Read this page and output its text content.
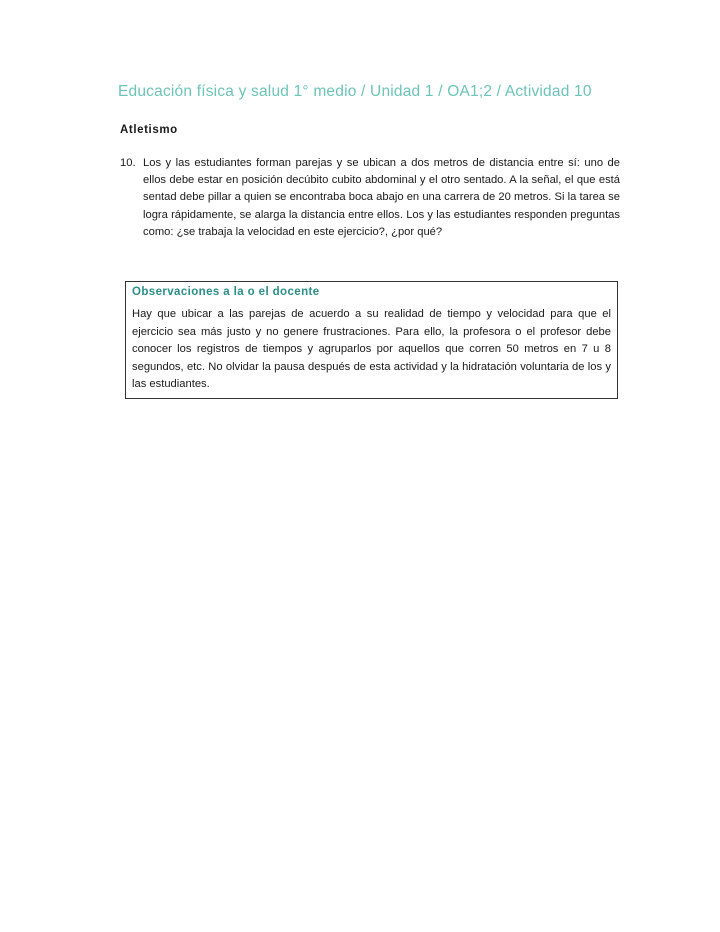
Educación física y salud 1° medio / Unidad 1 / OA1;2 / Actividad 10
Atletismo
10. Los y las estudiantes forman parejas y se ubican a dos metros de distancia entre sí: uno de ellos debe estar en posición decúbito cubito abdominal y el otro sentado. A la señal, el que está sentad debe pillar a quien se encontraba boca abajo en una carrera de 20 metros. Si la tarea se logra rápidamente, se alarga la distancia entre ellos. Los y las estudiantes responden preguntas como: ¿se trabaja la velocidad en este ejercicio?, ¿por qué?
Observaciones a la o el docente

Hay que ubicar a las parejas de acuerdo a su realidad de tiempo y velocidad para que el ejercicio sea más justo y no genere frustraciones. Para ello, la profesora o el profesor debe conocer los registros de tiempos y agruparlos por aquellos que corren 50 metros en 7 u 8 segundos, etc. No olvidar la pausa después de esta actividad y la hidratación voluntaria de los y las estudiantes.
